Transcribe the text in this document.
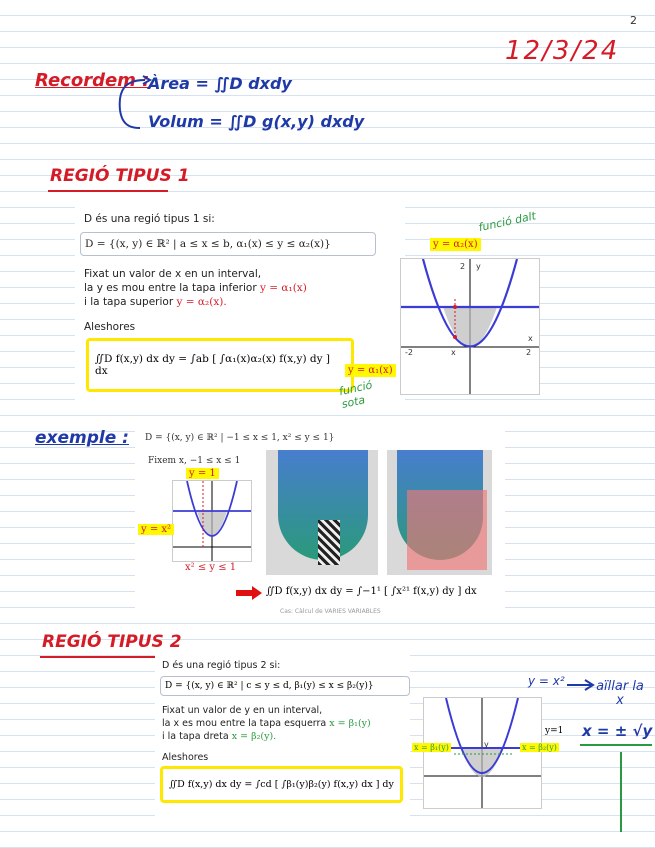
2
12/3/24
Recordem :
Àrea = ∬D dxdy
Volum = ∬D g(x,y) dxdy
REGIÓ TIPUS 1
D és una regió tipus 1 si:
D = {(x, y) ∈ ℝ² | a ≤ x ≤ b, α₁(x) ≤ y ≤ α₂(x)}
Fixat un valor de x en un interval,
la y es mou entre la tapa inferior y = α₁(x)
i la tapa superior y = α₂(x).
Aleshores
∬D f(x,y) dx dy = ∫ab [ ∫α₁(x)α₂(x) f(x,y) dy ] dx
y
2
-2	2
x
x
y = α₂(x)
y = α₁(x)
funció dalt
funció sota
exemple : D = {(x, y) ∈ ℝ² | −1 ≤ x ≤ 1, x² ≤ y ≤ 1}
Fixem x, −1 ≤ x ≤ 1
y = 1
y = x²
x² ≤ y ≤ 1
∬D f(x,y) dx dy = ∫−1¹ [ ∫x²¹ f(x,y) dy ] dx
Cas: Càlcul de VARIES VARIABLES
REGIÓ TIPUS 2
D és una regió tipus 2 si:
D = {(x, y) ∈ ℝ² | c ≤ y ≤ d, β₁(y) ≤ x ≤ β₂(y)}
Fixat un valor de y en un interval,
la x es mou entre la tapa esquerra x = β₁(y)
i la tapa dreta x = β₂(y).
Aleshores
∬D f(x,y) dx dy = ∫cd [ ∫β₁(y)β₂(y) f(x,y) dx ] dy
y
x = β₁(y)	x = β₂(y)
y=1
y = x² aïllar la x
x = ± √y
